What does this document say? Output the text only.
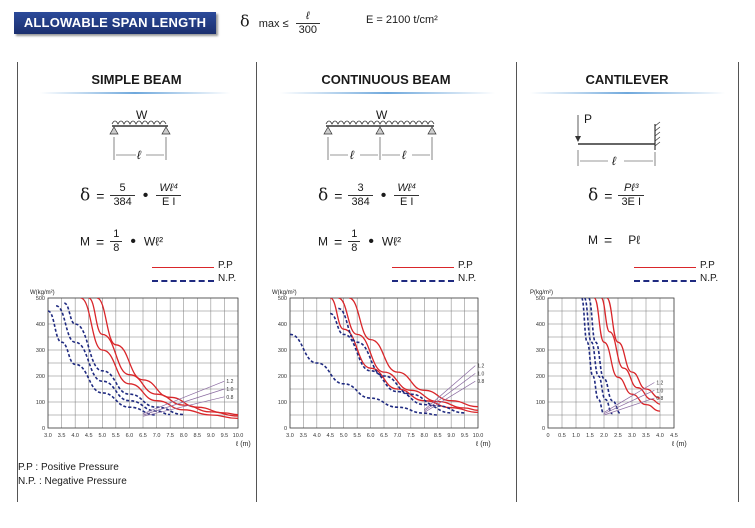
ALLOWABLE SPAN LENGTH	δ $\max \le \frac{\text{ℓ}}{300}$	E = 2100 t/cm²
SIMPLE BEAM	CONTINUOUS BEAM	CANTILEVER
W
ℓ
W
ℓ	ℓ
P
ℓ
$\delta = \frac{5}{384}$ • $\frac{\text{Wℓ⁴}}{\text{E I}}$
$M = \frac{1}{8}$ • Wℓ²
$\delta = \frac{3}{384}$ • $\frac{\text{Wℓ⁴}}{\text{E I}}$
$M = \frac{1}{8}$ • Wℓ²
$\delta = \frac{\text{Pℓ³}}{\text{3E I}}$
M = Pℓ
P.P
N.P.
P.P
N.P.
P.P
N.P.
3.0 3.5 4.0 4.5 5.0 5.5 6.0 6.5 7.0 7.5 8.0 8.5 9.0 9.5 10.0
0
100
200
300
400
500
W(kg/m²)
ℓ (m)
1.2
1.0
0.8
3.0 3.5 4.0 4.5 5.0 5.5 6.0 6.5 7.0 7.5 8.0 8.5 9.0 9.5 10.0
0
100
200
300
400
500
W(kg/m²)
ℓ (m)
1.2
1.0
0.8
0 0.5 1.0 1.5 2.0 2.5 3.0 3.5 4.0 4.5
0
100
200
300
400
500
P(kg/m²)
ℓ (m)
1.2
1.0
0.8
P.P : Positive Pressure
N.P. : Negative Pressure
